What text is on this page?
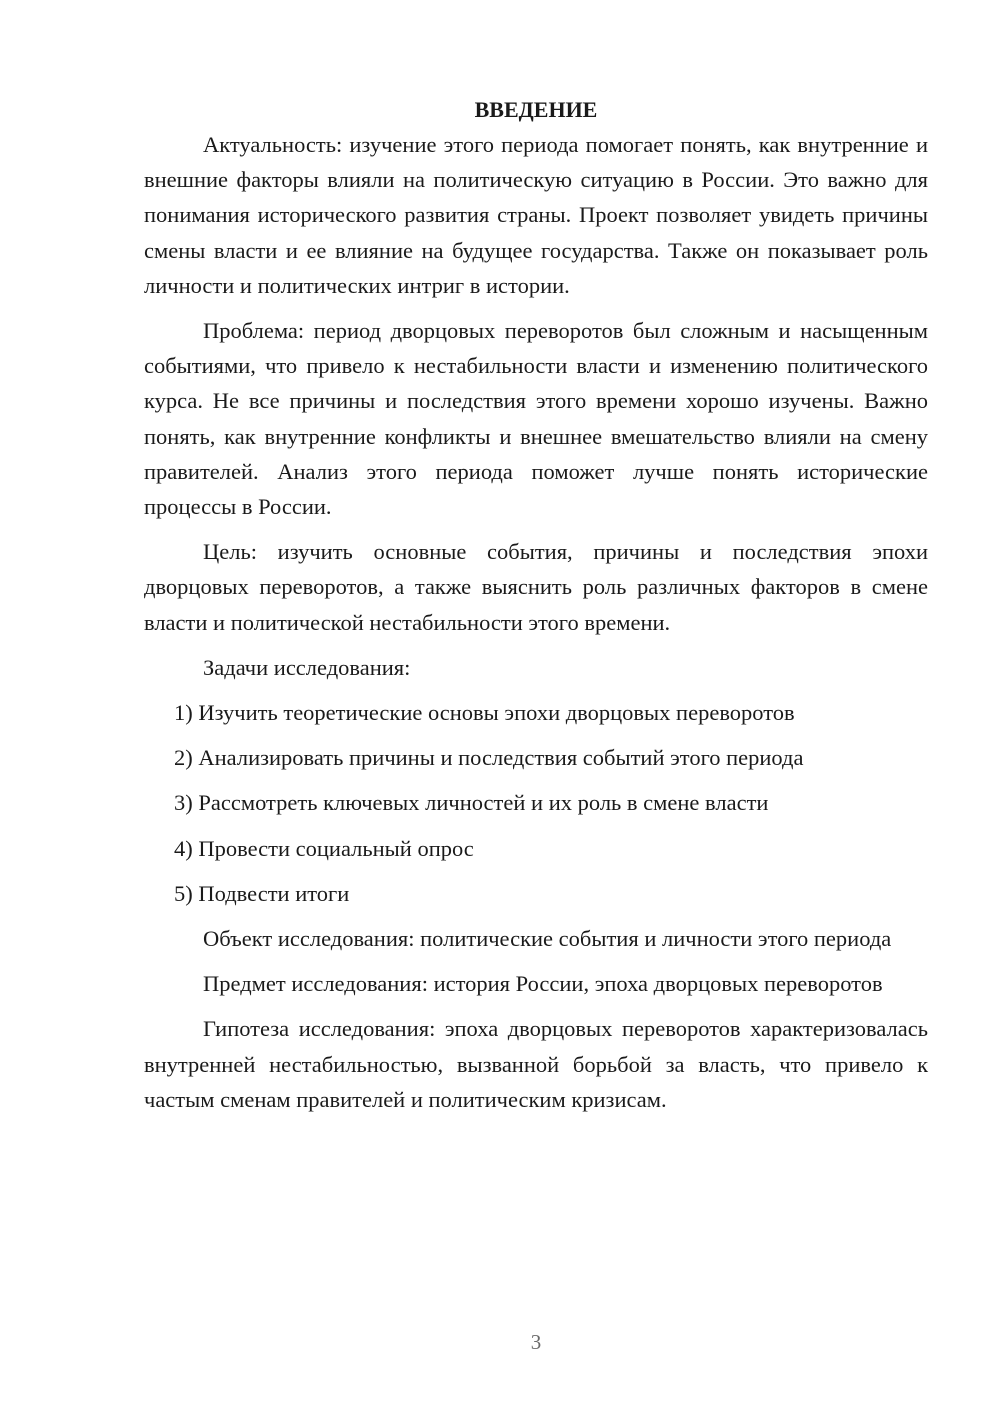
ВВЕДЕНИЕ

Актуальность: изучение этого периода помогает понять, как внутренние и внешние факторы влияли на политическую ситуацию в России. Это важно для понимания исторического развития страны. Проект позволяет увидеть причины смены власти и ее влияние на будущее государства. Также он показывает роль личности и политических интриг в истории.

Проблема: период дворцовых переворотов был сложным и насыщенным событиями, что привело к нестабильности власти и изменению политического курса. Не все причины и последствия этого времени хорошо изучены. Важно понять, как внутренние конфликты и внешнее вмешательство влияли на смену правителей. Анализ этого периода поможет лучше понять исторические процессы в России.

Цель: изучить основные события, причины и последствия эпохи дворцовых переворотов, а также выяснить роль различных факторов в смене власти и политической нестабильности этого времени.

Задачи исследования:

1) Изучить теоретические основы эпохи дворцовых переворотов
2) Анализировать причины и последствия событий этого периода
3) Рассмотреть ключевых личностей и их роль в смене власти
4) Провести социальный опрос
5) Подвести итоги

Объект исследования: политические события и личности этого периода

Предмет исследования: история России, эпоха дворцовых переворотов

Гипотеза исследования: эпоха дворцовых переворотов характеризовалась внутренней нестабильностью, вызванной борьбой за власть, что привело к частым сменам правителей и политическим кризисам.

3
